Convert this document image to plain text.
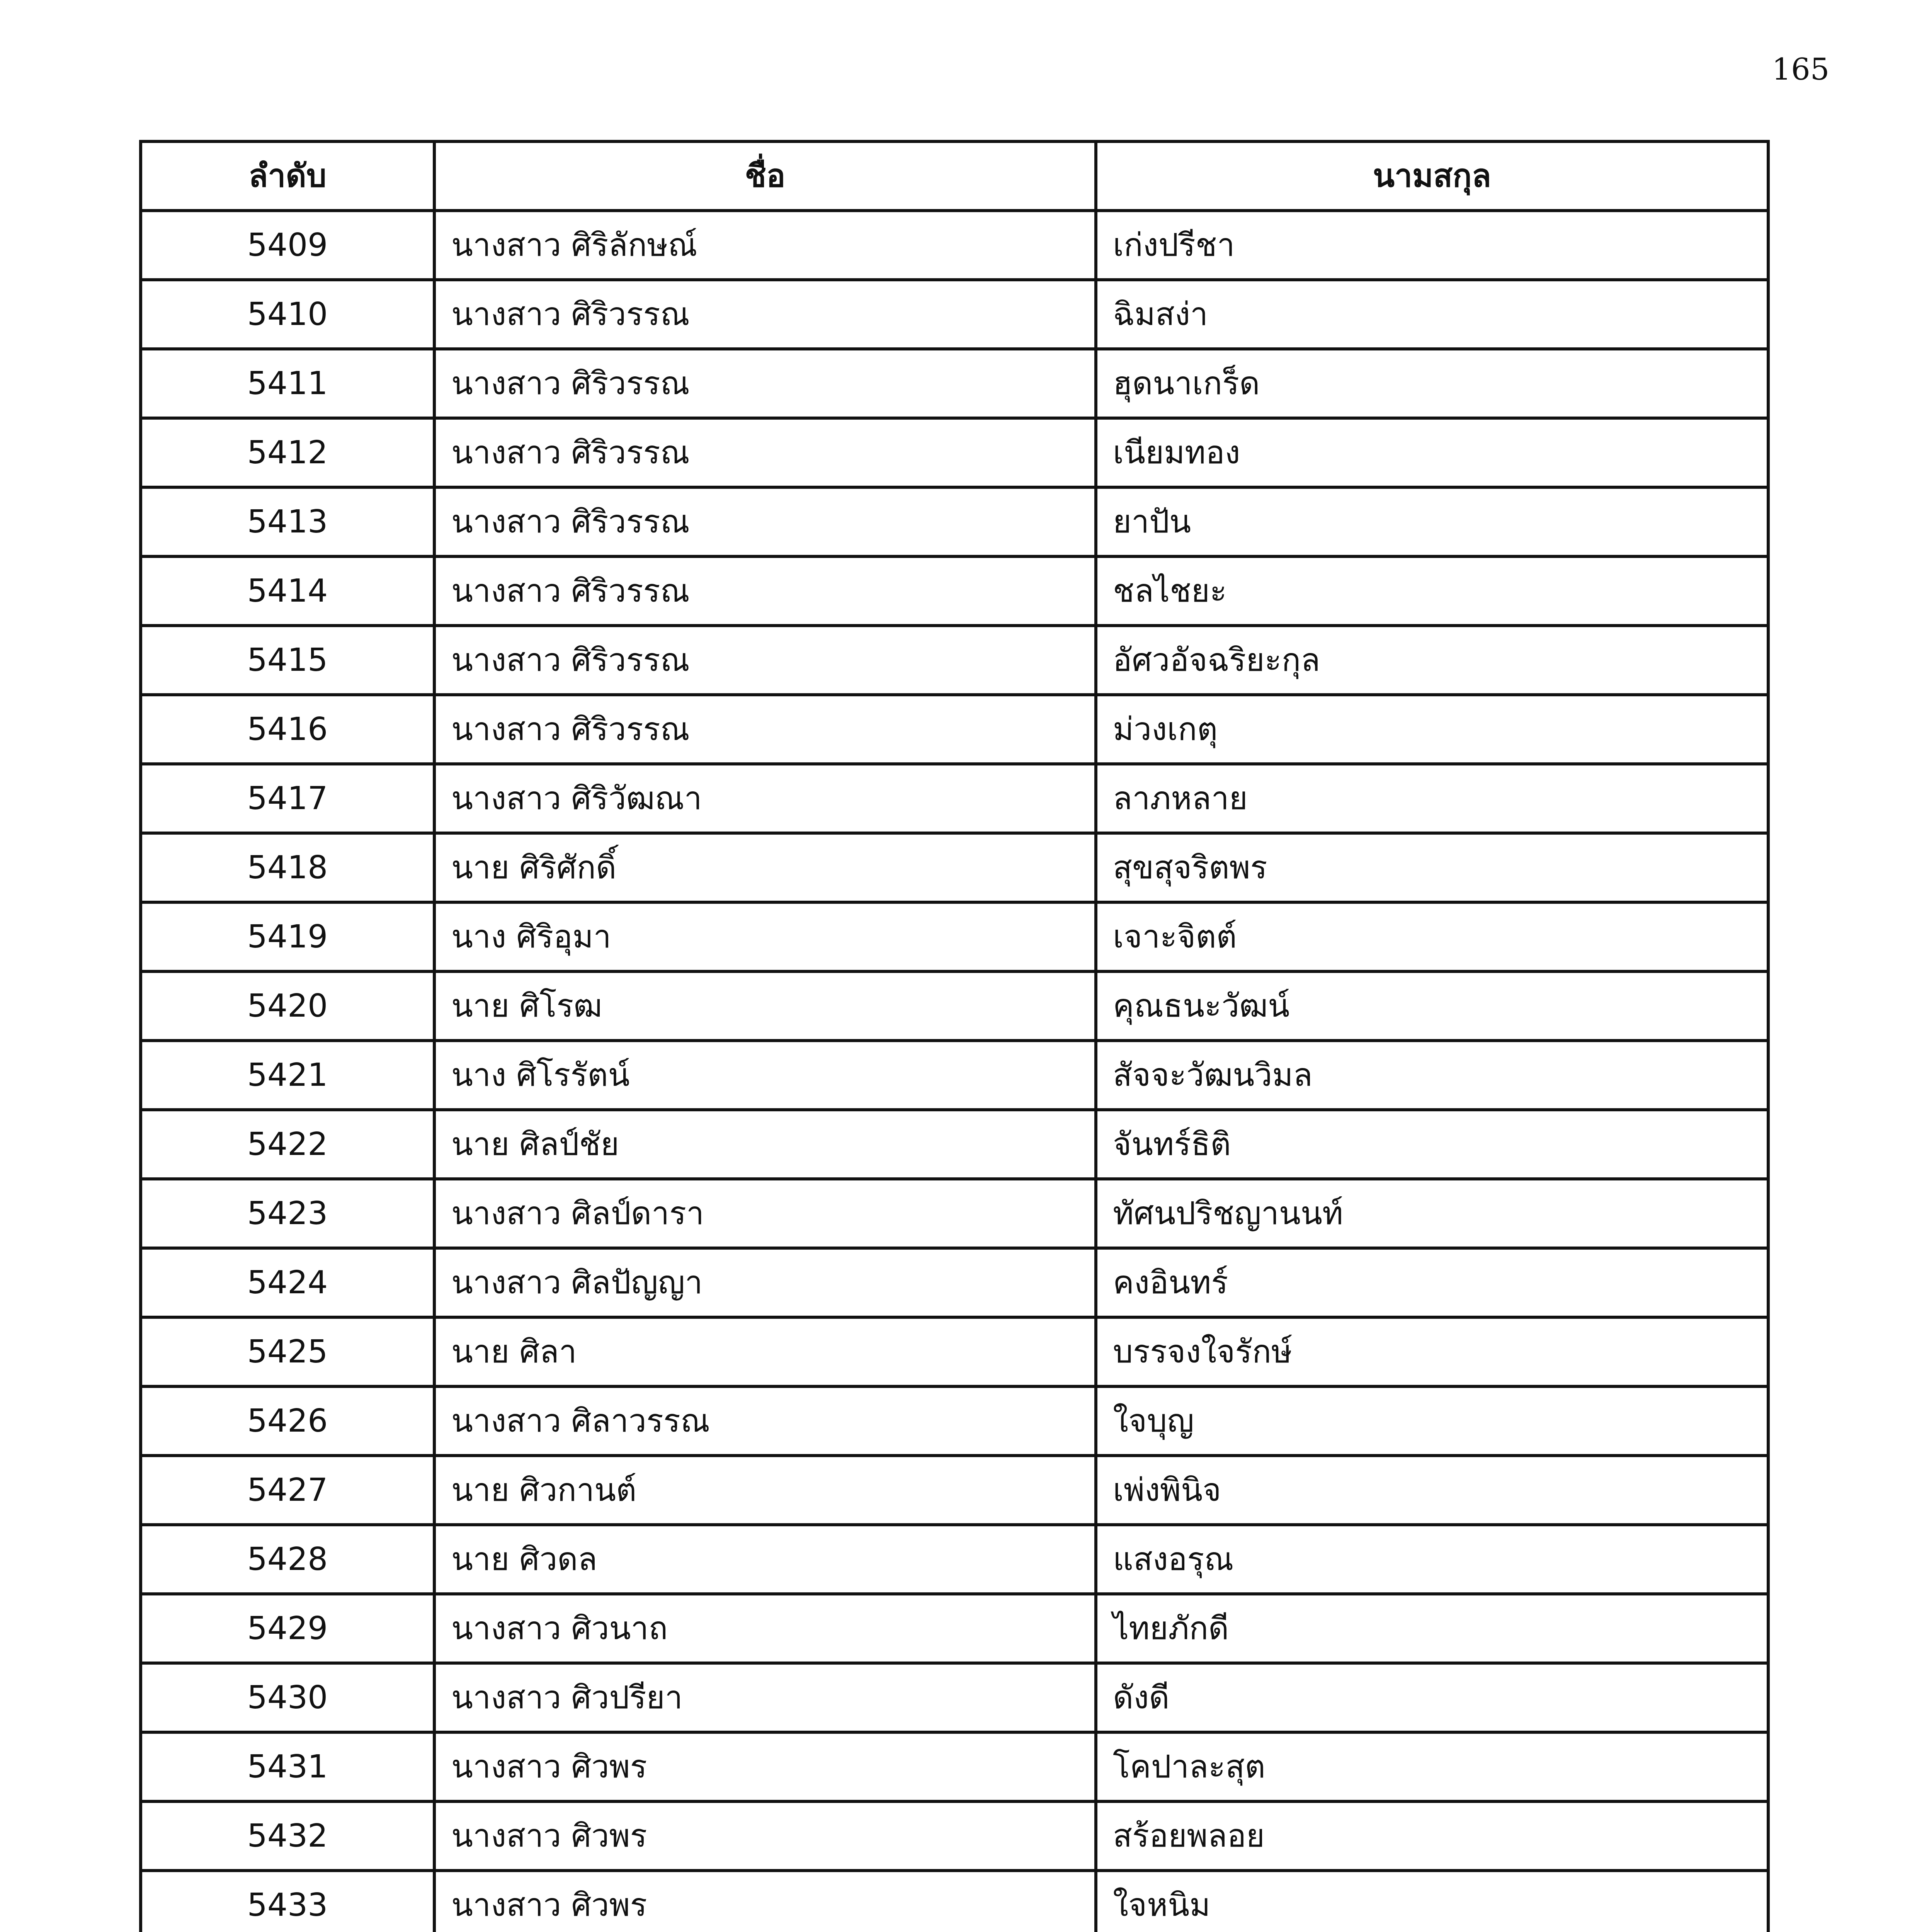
165
ลำดับ	ชื่อ	นามสกุล
5409	นางสาว ศิริลักษณ์	เก่งปรีชา
5410	นางสาว ศิริวรรณ	ฉิมสง่า
5411	นางสาว ศิริวรรณ	ฮุดนาเกร็ด
5412	นางสาว ศิริวรรณ	เนียมทอง
5413	นางสาว ศิริวรรณ	ยาปัน
5414	นางสาว ศิริวรรณ	ชลไชยะ
5415	นางสาว ศิริวรรณ	อัศวอัจฉริยะกุล
5416	นางสาว ศิริวรรณ	ม่วงเกตุ
5417	นางสาว ศิริวัฒณา	ลาภหลาย
5418	นาย ศิริศักดิ์	สุขสุจริตพร
5419	นาง ศิริอุมา	เจาะจิตต์
5420	นาย ศิโรฒ	คุณธนะวัฒน์
5421	นาง ศิโรรัตน์	สัจจะวัฒนวิมล
5422	นาย ศิลป์ชัย	จันทร์ธิติ
5423	นางสาว ศิลป์ดารา	ทัศนปริชญานนท์
5424	นางสาว ศิลปัญญา	คงอินทร์
5425	นาย ศิลา	บรรจงใจรักษ์
5426	นางสาว ศิลาวรรณ	ใจบุญ
5427	นาย ศิวกานต์	เพ่งพินิจ
5428	นาย ศิวดล	แสงอรุณ
5429	นางสาว ศิวนาถ	ไทยภักดี
5430	นางสาว ศิวปรียา	ดังดี
5431	นางสาว ศิวพร	โคปาละสุต
5432	นางสาว ศิวพร	สร้อยพลอย
5433	นางสาว ศิวพร	ใจหนิม
